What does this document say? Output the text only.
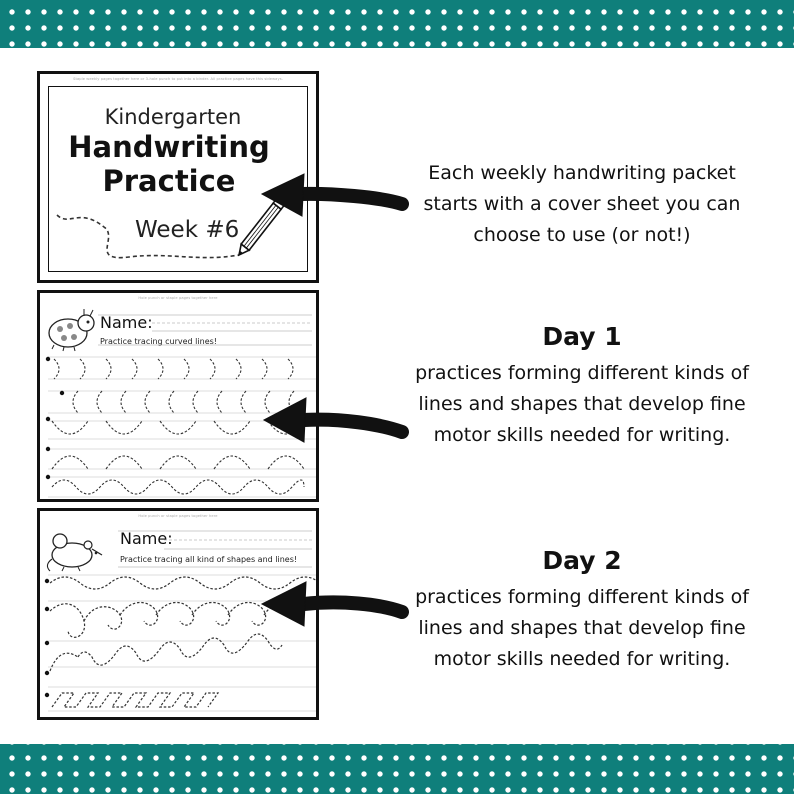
Staple weekly pages together here or 3-hole punch to put into a binder. All practice pages have this sideways.
Kindergarten
Handwriting
Practice
Week #6
Hole punch or staple pages together here
Name:
Practice tracing curved lines!
Hole punch or staple pages together here
Name:
Practice tracing all kind of shapes and lines!
Each weekly handwriting packet starts with a cover sheet you can choose to use (or not!)
Day 1
practices forming different kinds of lines and shapes that develop fine motor skills needed for writing.
Day 2
practices forming different kinds of lines and shapes that develop fine motor skills needed for writing.
